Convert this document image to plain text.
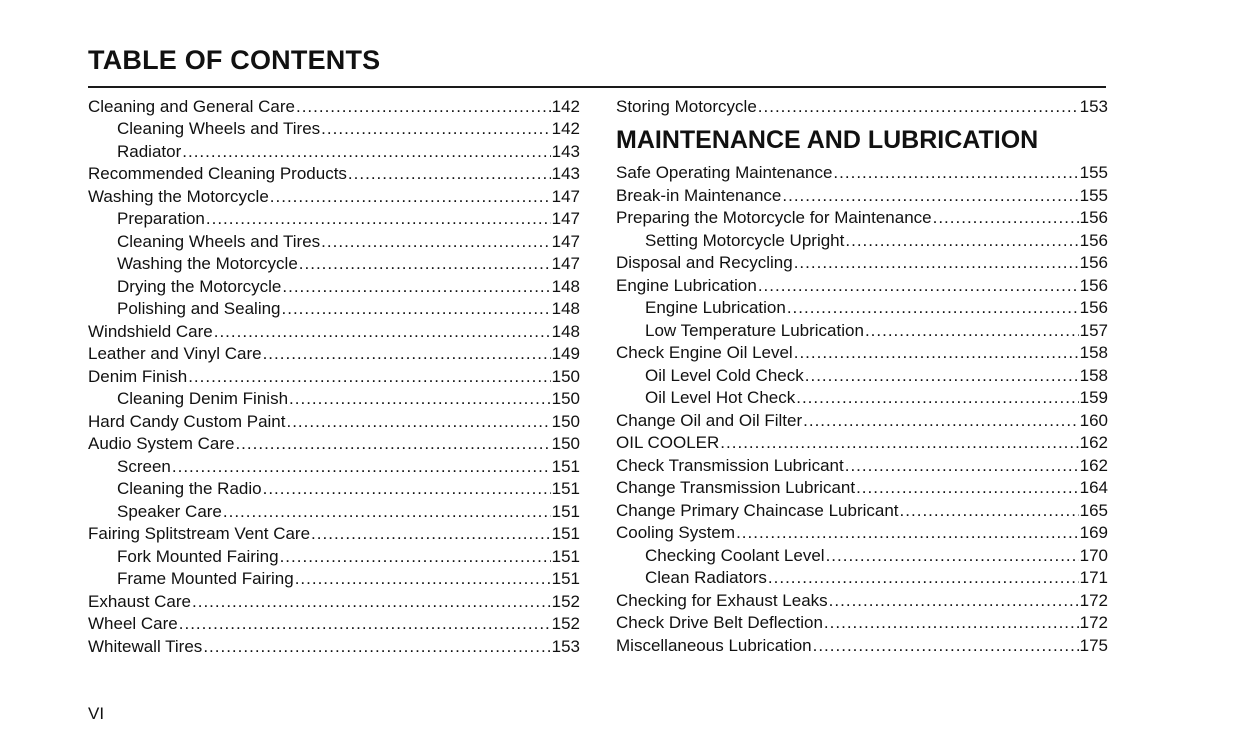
TABLE OF CONTENTS
Cleaning and General Care .....	142
Cleaning Wheels and Tires .....	142
Radiator .....	143
Recommended Cleaning Products .....	143
Washing the Motorcycle .....	147
Preparation .....	147
Cleaning Wheels and Tires .....	147
Washing the Motorcycle .....	147
Drying the Motorcycle .....	148
Polishing and Sealing .....	148
Windshield Care .....	148
Leather and Vinyl Care .....	149
Denim Finish .....	150
Cleaning Denim Finish .....	150
Hard Candy Custom Paint .....	150
Audio System Care .....	150
Screen .....	151
Cleaning the Radio .....	151
Speaker Care .....	151
Fairing Splitstream Vent Care .....	151
Fork Mounted Fairing .....	151
Frame Mounted Fairing .....	151
Exhaust Care .....	152
Wheel Care .....	152
Whitewall Tires .....	153
Storing Motorcycle .....	153
MAINTENANCE AND LUBRICATION
Safe Operating Maintenance .....	155
Break-in Maintenance .....	155
Preparing the Motorcycle for Maintenance .....	156
Setting Motorcycle Upright .....	156
Disposal and Recycling .....	156
Engine Lubrication .....	156
Engine Lubrication .....	156
Low Temperature Lubrication .....	157
Check Engine Oil Level .....	158
Oil Level Cold Check .....	158
Oil Level Hot Check .....	159
Change Oil and Oil Filter .....	160
OIL COOLER .....	162
Check Transmission Lubricant .....	162
Change Transmission Lubricant .....	164
Change Primary Chaincase Lubricant .....	165
Cooling System .....	169
Checking Coolant Level .....	170
Clean Radiators .....	171
Checking for Exhaust Leaks .....	172
Check Drive Belt Deflection .....	172
Miscellaneous Lubrication .....	175
VI
